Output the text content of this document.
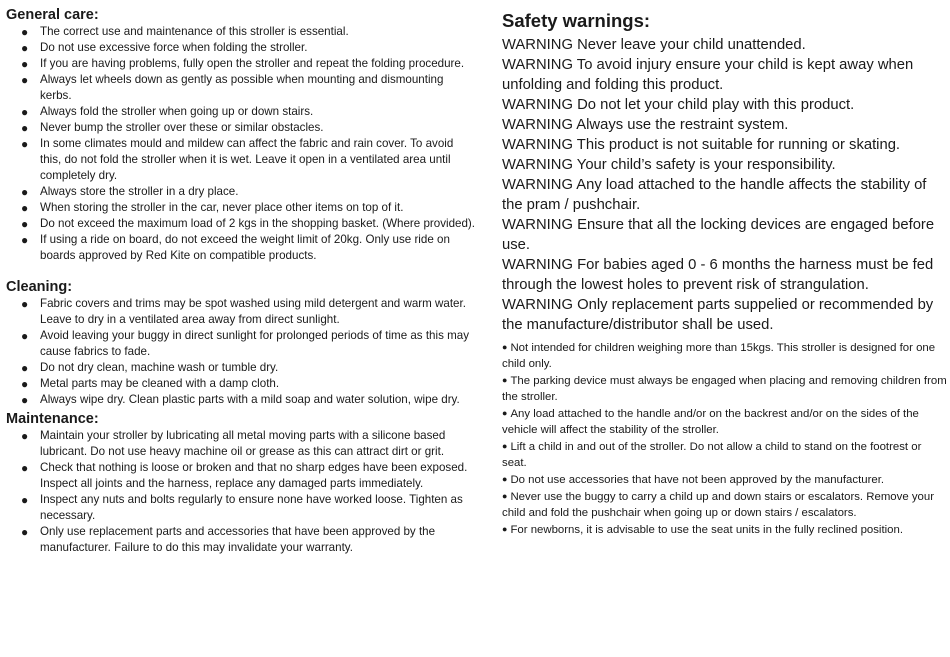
General care:
● The correct use and maintenance of this stroller is essential.
● Do not use excessive force when folding the stroller.
● If you are having problems, fully open the stroller and repeat the folding procedure.
● Always let wheels down as gently as possible when mounting and dismounting kerbs.
● Always fold the stroller when going up or down stairs.
● Never bump the stroller over these or similar obstacles.
● In some climates mould and mildew can affect the fabric and rain cover. To avoid this, do not fold the stroller when it is wet. Leave it open in a ventilated area until completely dry.
● Always store the stroller in a dry place.
● When storing the stroller in the car, never place other items on top of it.
● Do not exceed the maximum load of 2 kgs in the shopping basket. (Where provided).
● If using a ride on board, do not exceed the weight limit of 20kg. Only use ride on boards approved by Red Kite on compatible products.
Cleaning:
● Fabric covers and trims may be spot washed using mild detergent and warm water. Leave to dry in a ventilated area away from direct sunlight.
● Avoid leaving your buggy in direct sunlight for prolonged periods of time as this may cause fabrics to fade.
● Do not dry clean, machine wash or tumble dry.
● Metal parts may be cleaned with a damp cloth.
● Always wipe dry. Clean plastic parts with a mild soap and water solution, wipe dry.
Maintenance:
● Maintain your stroller by lubricating all metal moving parts with a silicone based lubricant. Do not use heavy machine oil or grease as this can attract dirt or grit.
● Check that nothing is loose or broken and that no sharp edges have been exposed. Inspect all joints and the harness, replace any damaged parts immediately.
● Inspect any nuts and bolts regularly to ensure none have worked loose. Tighten as necessary.
● Only use replacement parts and accessories that have been approved by the manufacturer. Failure to do this may invalidate your warranty.
Safety warnings:

WARNING Never leave your child unattended.

WARNING To avoid injury ensure your child is kept away when unfolding and folding this product.

WARNING Do not let your child play with this product.

WARNING Always use the restraint system.

WARNING This product is not suitable for running or skating.

WARNING Your child’s safety is your responsibility.

WARNING Any load attached to the handle affects the stability of the pram / pushchair.

WARNING Ensure that all the locking devices are engaged before use.

WARNING For babies aged 0 - 6 months the harness must be fed through the lowest holes to prevent risk of strangulation.

WARNING Only replacement parts suppelied or recommended by the manufacture/distributor shall be used.

● Not intended for children weighing more than 15kgs. This stroller is designed for one child only.

● The parking device must always be engaged when placing and removing children from the stroller.

● Any load attached to the handle and/or on the backrest and/or on the sides of the vehicle will affect the stability of the stroller.

● Lift a child in and out of the stroller. Do not allow a child to stand on the footrest or seat.

● Do not use accessories that have not been approved by the manufacturer.

● Never use the buggy to carry a child up and down stairs or escalators. Remove your child and fold the pushchair when going up or down stairs / escalators.

● For newborns, it is advisable to use the seat units in the fully reclined position.
